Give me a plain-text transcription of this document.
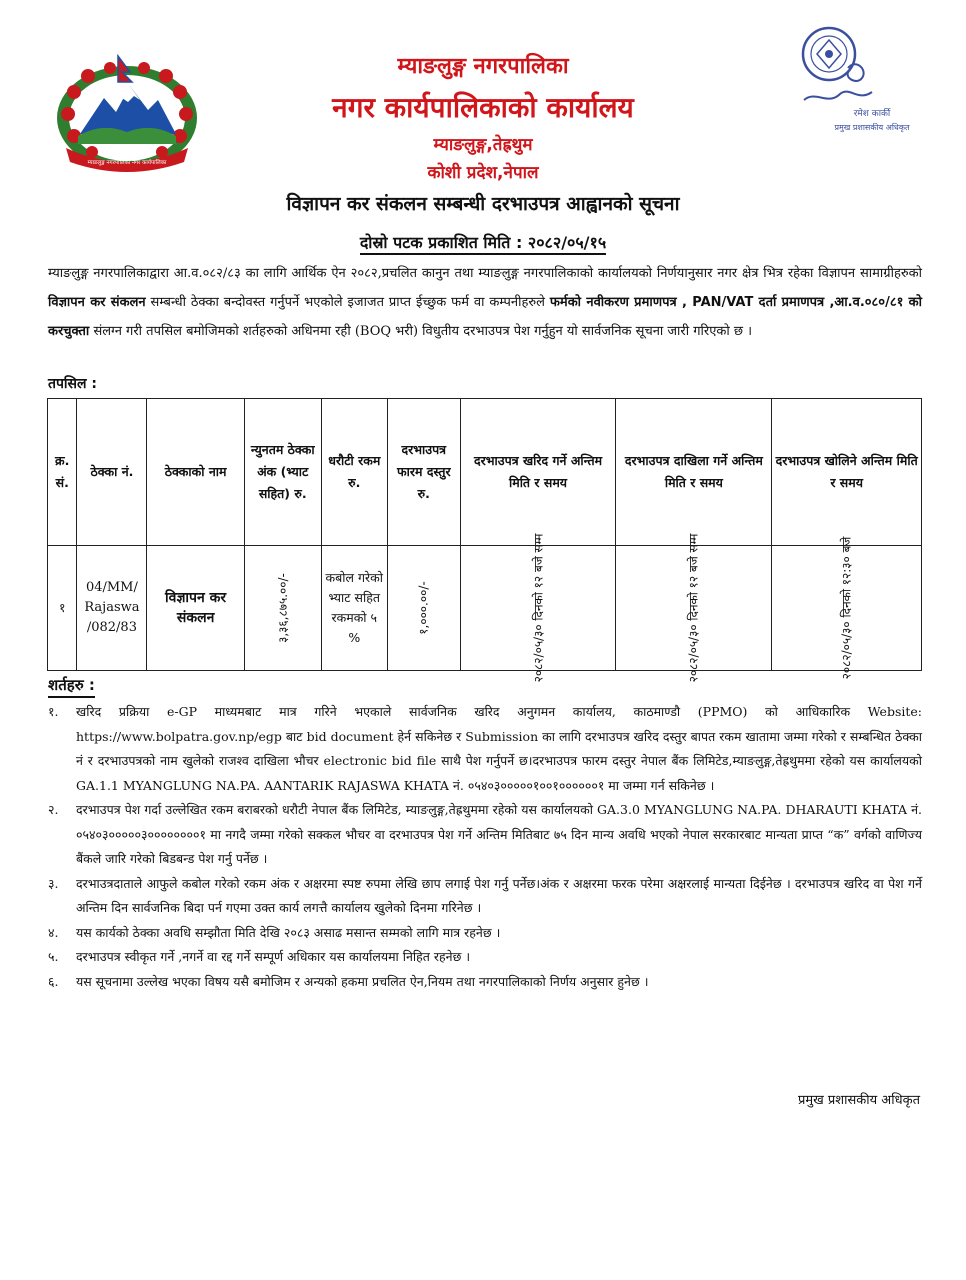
म्याङलुङ्ग नगरपालिका नगर कार्यपालिका
रमेश कार्की
प्रमुख प्रशासकीय अधिकृत
म्याङलुङ्ग नगरपालिका
नगर कार्यपालिकाको कार्यालय
म्याङलुङ्ग,तेह्रथुम
कोशी प्रदेश,नेपाल
विज्ञापन कर संकलन सम्बन्धी दरभाउपत्र आह्वानको सूचना
दोस्रो पटक प्रकाशित मिति : २०८२/०५/१५
म्याङलुङ्ग नगरपालिकाद्वारा आ.व.०८२/८३ का लागि आर्थिक ऐन २०८२,प्रचलित कानुन तथा म्याङलुङ्ग नगरपालिकाको कार्यालयको निर्णयानुसार नगर क्षेत्र भित्र रहेका विज्ञापन सामाग्रीहरुको विज्ञापन कर संकलन सम्बन्धी ठेक्का बन्दोवस्त गर्नुपर्ने भएकोले इजाजत प्राप्त ईच्छुक फर्म वा कम्पनीहरुले फर्मको नवीकरण प्रमाणपत्र , PAN/VAT दर्ता प्रमाणपत्र ,आ.व.०८०/८१ को करचुक्ता संलग्न गरी तपसिल बमोजिमको शर्तहरुको अधिनमा रही (BOQ भरी) विधुतीय दरभाउपत्र पेश गर्नुहुन यो सार्वजनिक सूचना जारी गरिएको छ ।
तपसिल :
क्र. सं.	ठेक्का नं.	ठेक्काको नाम	न्युनतम ठेक्का अंक (भ्याट सहित) रु.	धरौटी रकम रु.	दरभाउपत्र फारम दस्तुर रु.	दरभाउपत्र खरिद गर्ने अन्तिम मिति र समय	दरभाउपत्र दाखिला गर्ने अन्तिम मिति र समय	दरभाउपत्र खोलिने अन्तिम मिति र समय
१	04/MM/ Rajaswa /082/83	विज्ञापन कर संकलन	३,३६,८७५.००/-	कबोल गरेको भ्याट सहित रकमको ५ %	१,०००.००/-	२०८२/०५/३० दिनको १२ बजे सम्म	२०८२/०५/३० दिनको १२ बजे सम्म	२०८२/०५/३० दिनको १२:३० बजे
शर्तहरु :
१.	खरिद प्रक्रिया e-GP माध्यमबाट मात्र गरिने भएकाले सार्वजनिक खरिद अनुगमन कार्यालय, काठमाण्डौ (PPMO) को आधिकारिक Website: https://www.bolpatra.gov.np/egp बाट bid document हेर्न सकिनेछ र Submission का लागि दरभाउपत्र खरिद दस्तुर बापत रकम खातामा जम्मा गरेको र सम्बन्धित ठेक्का नं र दरभाउपत्रको नाम खुलेको राजश्व दाखिला भौचर electronic bid file साथै पेश गर्नुपर्ने छ।दरभाउपत्र फारम दस्तुर नेपाल बैंक लिमिटेड,म्याङलुङ्ग,तेह्रथुममा रहेको यस कार्यालयको GA.1.1 MYANGLUNG NA.PA. AANTARIK RAJASWA KHATA नं. ०५४०३०००००१००१००००००१ मा जम्मा गर्न सकिनेछ ।
२.	दरभाउपत्र पेश गर्दा उल्लेखित रकम बराबरको धरौटी नेपाल बैंक लिमिटेड, म्याङलुङ्ग,तेह्रथुममा रहेको यस कार्यालयको GA.3.0 MYANGLUNG NA.PA. DHARAUTI KHATA नं. ०५४०३०००००३००००००००१ मा नगदै जम्मा गरेको सक्कल भौचर वा दरभाउपत्र पेश गर्ने अन्तिम मितिबाट ७५ दिन मान्य अवधि भएको नेपाल सरकारबाट मान्यता प्राप्त “क” वर्गको वाणिज्य बैंकले जारि गरेको बिडबन्ड पेश गर्नु पर्नेछ ।
३.	दरभाउत्रदाताले आफुले कबोल गरेको रकम अंक र अक्षरमा स्पष्ट रुपमा लेखि छाप लगाई पेश गर्नु पर्नेछ।अंक र अक्षरमा फरक परेमा अक्षरलाई मान्यता दिईनेछ । दरभाउपत्र खरिद वा पेश गर्ने अन्तिम दिन सार्वजनिक बिदा पर्न गएमा उक्त कार्य लगत्तै कार्यालय खुलेको दिनमा गरिनेछ ।
४.	यस कार्यको ठेक्का अवधि सम्झौता मिति देखि २०८३ असाढ मसान्त सम्मको लागि मात्र रहनेछ ।
५.	दरभाउपत्र स्वीकृत गर्ने ,नगर्ने वा रद्द गर्ने सम्पूर्ण अधिकार यस कार्यालयमा निहित रहनेछ ।
६.	यस सूचनामा उल्लेख भएका विषय यसै बमोजिम र अन्यको हकमा प्रचलित ऐन,नियम तथा नगरपालिकाको निर्णय अनुसार हुनेछ ।
प्रमुख प्रशासकीय अधिकृत
